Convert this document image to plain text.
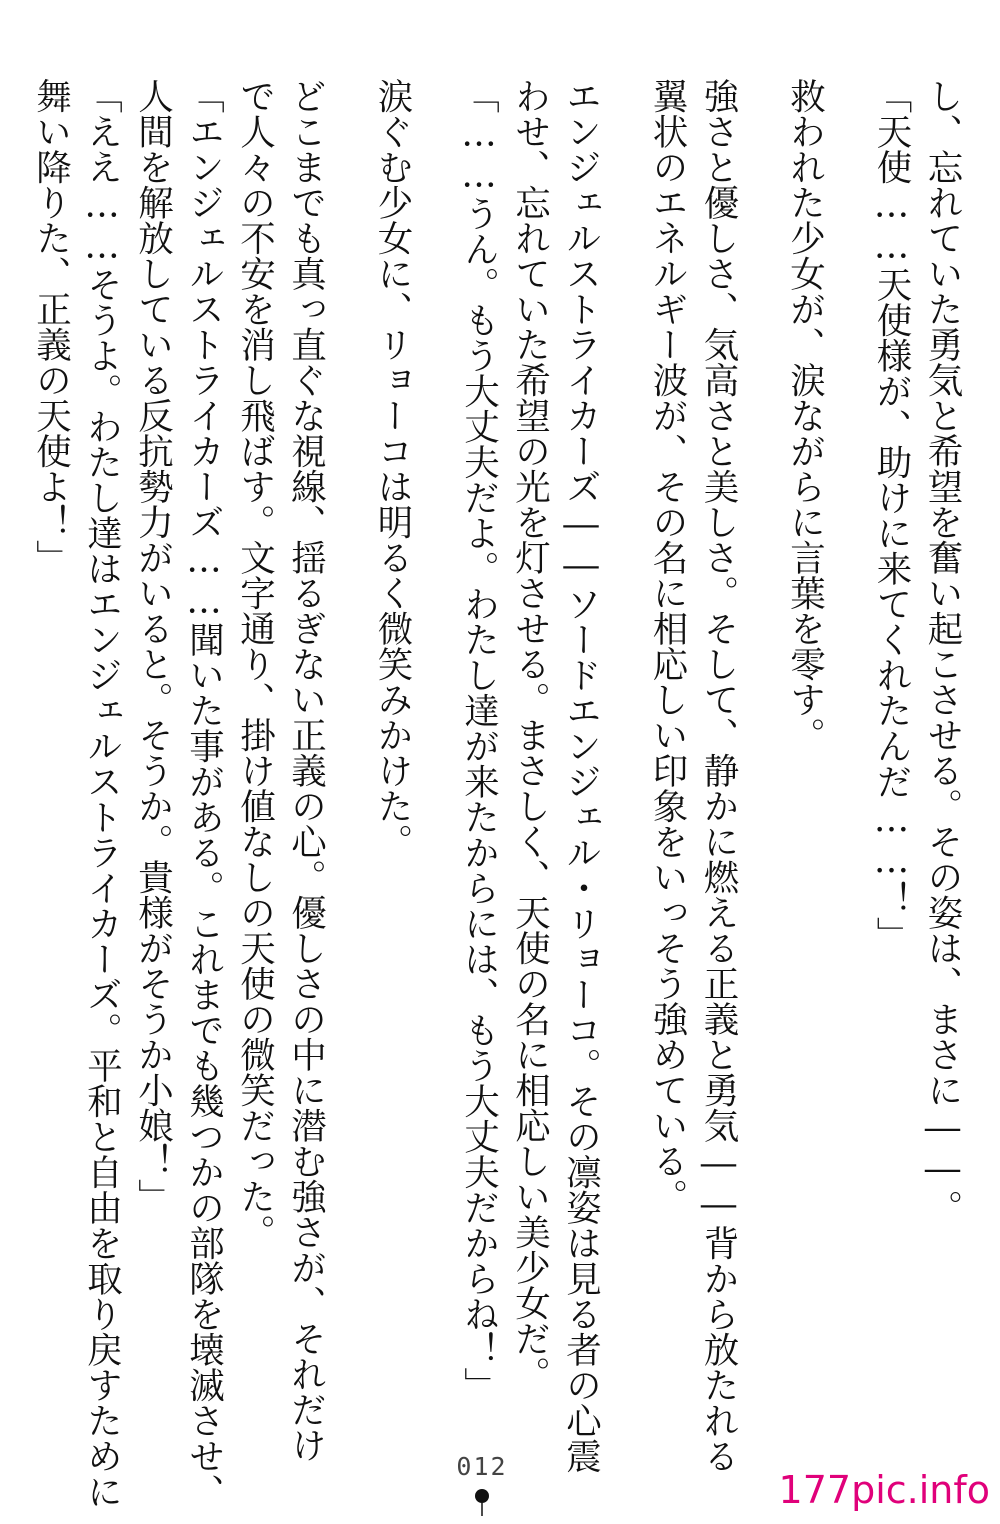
し、忘れていた勇気と希望を奮い起こさせる。その姿は、まさに――。
「天使……天使様が、助けに来てくれたんだ……！」
救われた少女が、涙ながらに言葉を零す。
強さと優しさ、気高さと美しさ。そして、静かに燃える正義と勇気――背から放たれる
翼状のエネルギー波が、その名に相応しい印象をいっそう強めている。
エンジェルストライカーズ――ソードエンジェル・リョーコ。その凛姿は見る者の心震
わせ、忘れていた希望の光を灯させる。まさしく、天使の名に相応しい美少女だ。
「……うん。もう大丈夫だよ。わたし達が来たからには、もう大丈夫だからね！」
涙ぐむ少女に、リョーコは明るく微笑みかけた。
どこまでも真っ直ぐな視線、揺るぎない正義の心。優しさの中に潜む強さが、それだけ
で人々の不安を消し飛ばす。文字通り、掛け値なしの天使の微笑だった。
「エンジェルストライカーズ……聞いた事がある。これまでも幾つかの部隊を壊滅させ、
人間を解放している反抗勢力がいると。そうか。貴様がそうか小娘！」
「ええ……そうよ。わたし達はエンジェルストライカーズ。平和と自由を取り戻すために
舞い降りた、正義の天使よ！」
012
177pic.info
